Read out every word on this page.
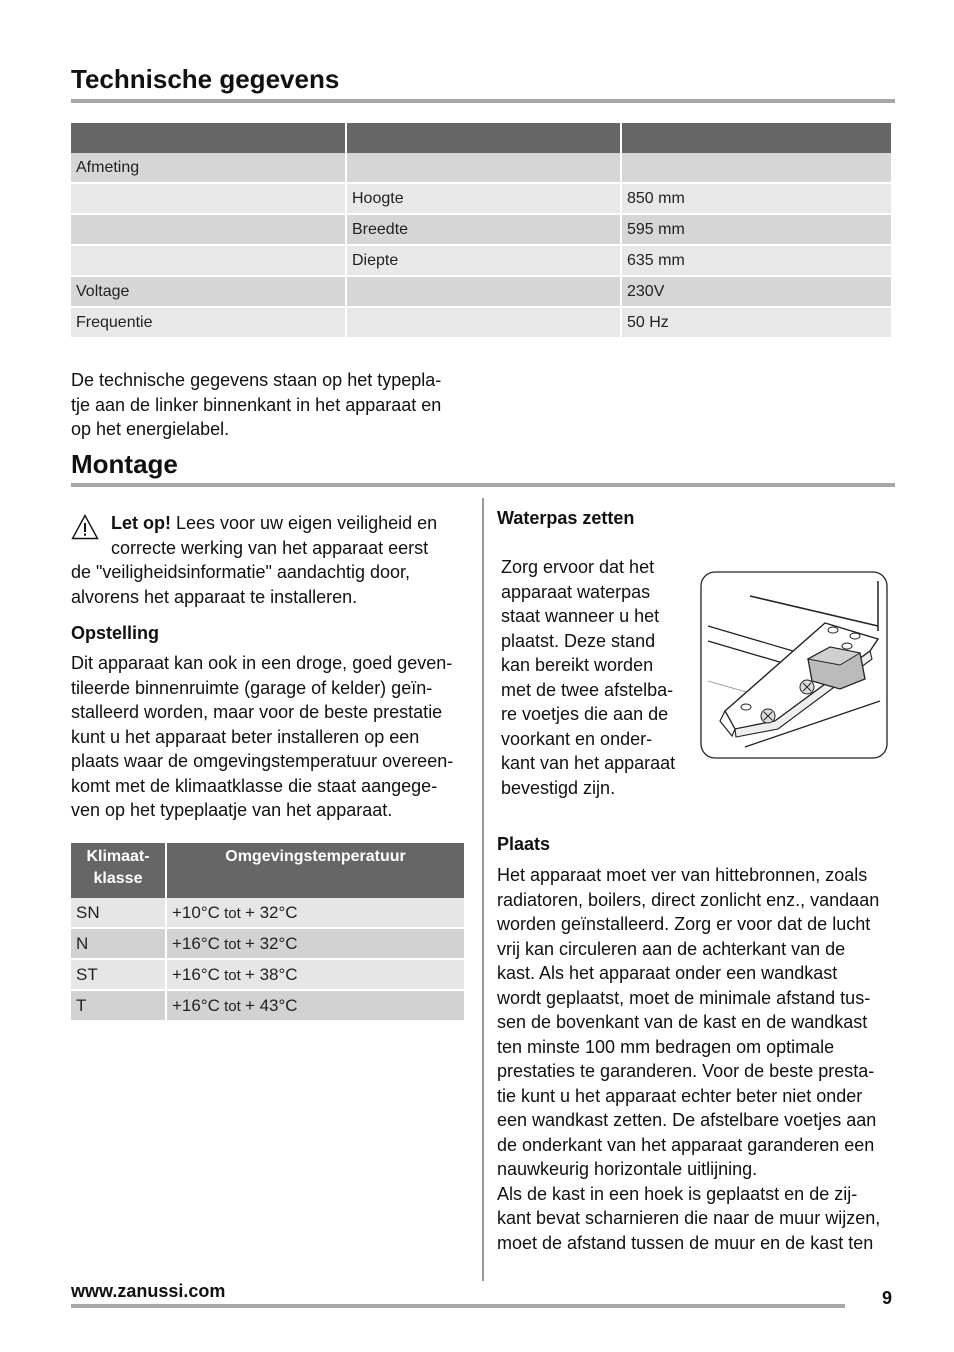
Technische gegevens

Afmeting		
	Hoogte	850 mm
	Breedte	595 mm
	Diepte	635 mm
Voltage		230V
Frequentie		50 Hz

De technische gegevens staan op het typepla-
tje aan de linker binnenkant in het apparaat en
op het energielabel.

Montage

Let op! Lees voor uw eigen veiligheid en
correcte werking van het apparaat eerst

de "veiligheidsinformatie" aandachtig door,
alvorens het apparaat te installeren.

Opstelling

Dit apparaat kan ook in een droge, goed geven-
tileerde binnenruimte (garage of kelder) geïn-
stalleerd worden, maar voor de beste prestatie
kunt u het apparaat beter installeren op een
plaats waar de omgevingstemperatuur overeen-
komt met de klimaatklasse die staat aangege-
ven op het typeplaatje van het apparaat.

Klimaat-
klasse	Omgevingstemperatuur
SN	+10°C tot + 32°C
N	+16°C tot + 32°C
ST	+16°C tot + 38°C
T	+16°C tot + 43°C
Waterpas zetten

Zorg ervoor dat het
apparaat waterpas
staat wanneer u het
plaatst. Deze stand
kan bereikt worden
met de twee afstelba-
re voetjes die aan de
voorkant en onder-
kant van het apparaat
bevestigd zijn.

Plaats

Het apparaat moet ver van hittebronnen, zoals
radiatoren, boilers, direct zonlicht enz., vandaan
worden geïnstalleerd. Zorg er voor dat de lucht
vrij kan circuleren aan de achterkant van de
kast. Als het apparaat onder een wandkast
wordt geplaatst, moet de minimale afstand tus-
sen de bovenkant van de kast en de wandkast
ten minste 100 mm bedragen om optimale
prestaties te garanderen. Voor de beste presta-
tie kunt u het apparaat echter beter niet onder
een wandkast zetten. De afstelbare voetjes aan
de onderkant van het apparaat garanderen een
nauwkeurig horizontale uitlijning.
Als de kast in een hoek is geplaatst en de zij-
kant bevat scharnieren die naar de muur wijzen,
moet de afstand tussen de muur en de kast ten

www.zanussi.com	9
